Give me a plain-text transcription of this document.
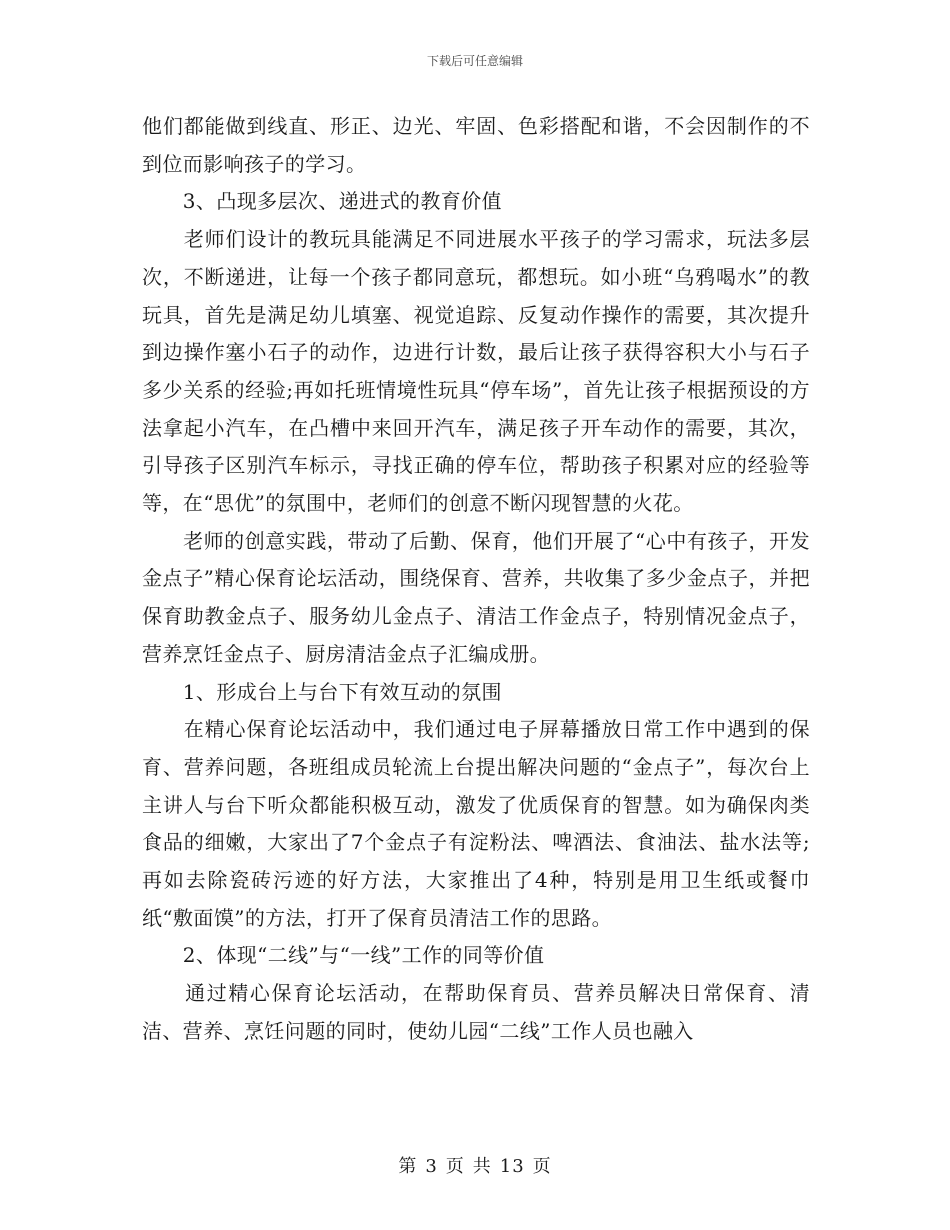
下载后可任意编辑

他们都能做到线直、形正、边光、牢固、色彩搭配和谐，不会因制作的不到位而影响孩子的学习。

　　3、凸现多层次、递进式的教育价值

　　老师们设计的教玩具能满足不同进展水平孩子的学习需求，玩法多层次，不断递进，让每一个孩子都同意玩，都想玩。如小班“乌鸦喝水”的教玩具，首先是满足幼儿填塞、视觉追踪、反复动作操作的需要，其次提升到边操作塞小石子的动作，边进行计数，最后让孩子获得容积大小与石子多少关系的经验;再如托班情境性玩具“停车场”，首先让孩子根据预设的方法拿起小汽车，在凸槽中来回开汽车，满足孩子开车动作的需要，其次，引导孩子区别汽车标示，寻找正确的停车位，帮助孩子积累对应的经验等等，在“思优”的氛围中，老师们的创意不断闪现智慧的火花。

　　老师的创意实践，带动了后勤、保育，他们开展了“心中有孩子，开发金点子”精心保育论坛活动，围绕保育、营养，共收集了多少金点子，并把保育助教金点子、服务幼儿金点子、清洁工作金点子，特别情况金点子，营养烹饪金点子、厨房清洁金点子汇编成册。

　　1、形成台上与台下有效互动的氛围

　　在精心保育论坛活动中，我们通过电子屏幕播放日常工作中遇到的保育、营养问题，各班组成员轮流上台提出解决问题的“金点子”，每次台上主讲人与台下听众都能积极互动，激发了优质保育的智慧。如为确保肉类食品的细嫩，大家出了7个金点子有淀粉法、啤酒法、食油法、盐水法等;再如去除瓷砖污迹的好方法，大家推出了4种，特别是用卫生纸或餐巾纸“敷面馍”的方法，打开了保育员清洁工作的思路。

　　2、体现“二线”与“一线”工作的同等价值

　　通过精心保育论坛活动，在帮助保育员、营养员解决日常保育、清洁、营养、烹饪问题的同时，使幼儿园“二线”工作人员也融入

第 3 页 共 13 页
